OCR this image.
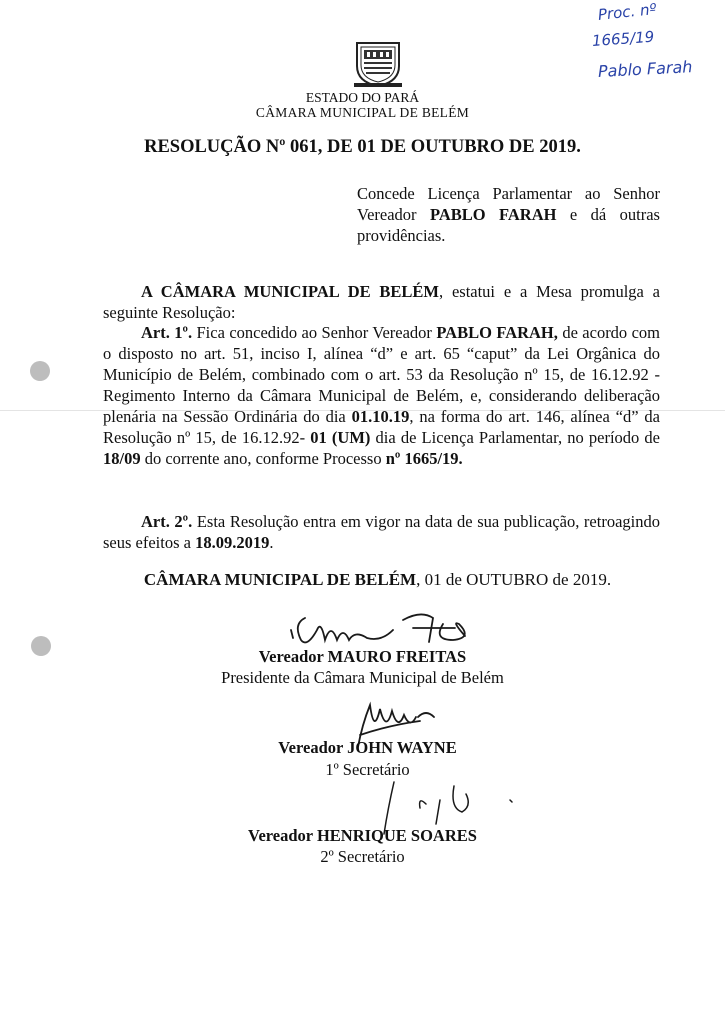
Proc. nº
1665/19
Pablo Farah
ESTADO DO PARÁ
CÂMARA MUNICIPAL DE BELÉM
RESOLUÇÃO Nº 061, DE 01 DE OUTUBRO DE 2019.
Concede Licença Parlamentar ao Senhor Vereador PABLO FARAH e dá outras providências.
A CÂMARA MUNICIPAL DE BELÉM, estatui e a Mesa promulga a seguinte Resolução:
Art. 1º. Fica concedido ao Senhor Vereador PABLO FARAH, de acordo com o disposto no art. 51, inciso I, alínea “d” e art. 65 “caput” da Lei Orgânica do Município de Belém, combinado com o art. 53 da Resolução nº 15, de 16.12.92 - Regimento Interno da Câmara Municipal de Belém, e, considerando deliberação plenária na Sessão Ordinária do dia 01.10.19, na forma do art. 146, alínea “d” da Resolução nº 15, de 16.12.92- 01 (UM) dia de Licença Parlamentar, no período de 18/09 do corrente ano, conforme Processo nº 1665/19.
Art. 2º. Esta Resolução entra em vigor na data de sua publicação, retroagindo seus efeitos a 18.09.2019.
CÂMARA MUNICIPAL DE BELÉM, 01 de OUTUBRO de 2019.
Vereador MAURO FREITAS
Presidente da Câmara Municipal de Belém
Vereador JOHN WAYNE
1º Secretário
Vereador HENRIQUE SOARES
2º Secretário
